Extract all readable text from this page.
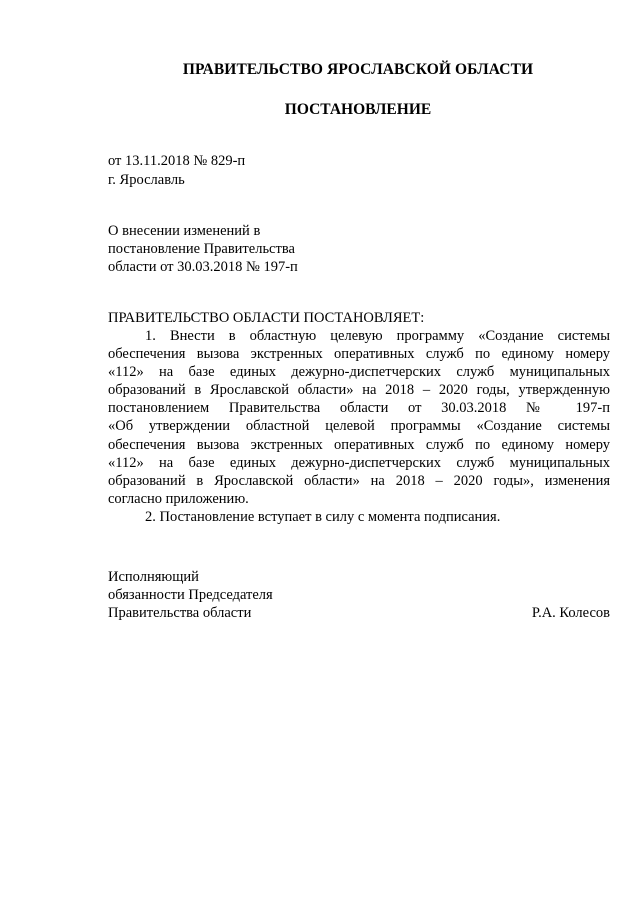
ПРАВИТЕЛЬСТВО ЯРОСЛАВСКОЙ ОБЛАСТИ
ПОСТАНОВЛЕНИЕ
от 13.11.2018 № 829-п
г. Ярославль
О внесении изменений в
постановление Правительства
области от 30.03.2018 № 197-п
ПРАВИТЕЛЬСТВО ОБЛАСТИ ПОСТАНОВЛЯЕТ:
1. Внести в областную целевую программу «Создание системы
обеспечения вызова экстренных оперативных служб по единому номеру
«112» на базе единых дежурно-диспетчерских служб муниципальных
образований в Ярославской области» на 2018 – 2020 годы, утвержденную
постановлением Правительства области от 30.03.2018 № 197-п
«Об утверждении областной целевой программы «Создание системы
обеспечения вызова экстренных оперативных служб по единому номеру
«112» на базе единых дежурно-диспетчерских служб муниципальных
образований в Ярославской области» на 2018 – 2020 годы», изменения
согласно приложению.
2. Постановление вступает в силу с момента подписания.
Исполняющий
обязанности Председателя
Правительства области	Р.А. Колесов
